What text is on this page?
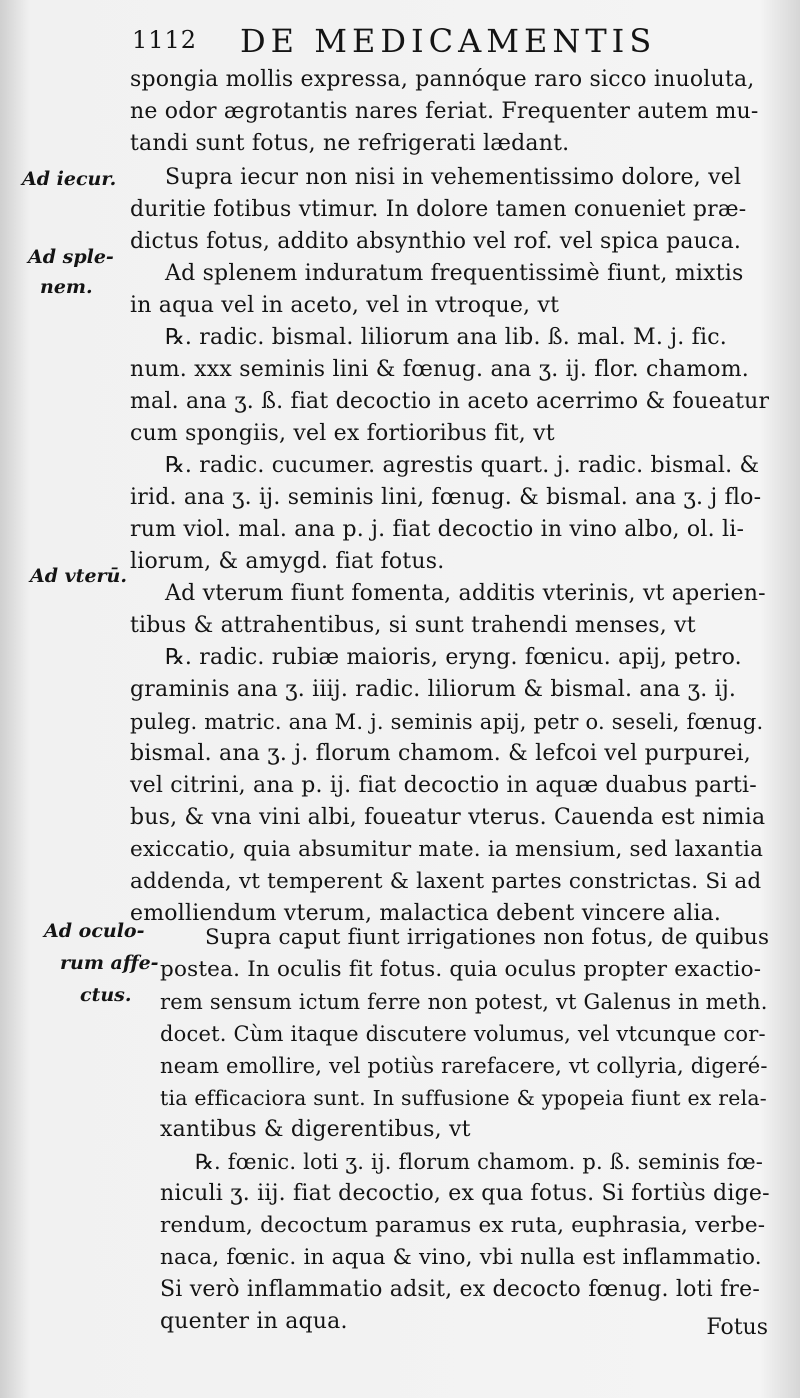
1112 DE MEDICAMENTIS
Ad iecur.
Ad sple-
nem.
Ad vterū.
Ad oculo-
rum affe-
ctus.
spongia mollis expressa, pannóque raro sicco inuoluta,
ne odor ægrotantis nares feriat. Frequenter autem mu-
tandi sunt fotus, ne refrigerati lædant.
Supra iecur non nisi in vehementissimo dolore, vel
duritie fotibus vtimur. In dolore tamen conueniet præ-
dictus fotus, addito absynthio vel rof. vel spica pauca.
Ad splenem induratum frequentissimè fiunt, mixtis
in aqua vel in aceto, vel in vtroque, vt
℞. radic. bismal. liliorum ana lib. ß. mal. M. j. fic.
num. xxx seminis lini & fœnug. ana ʒ. ij. flor. chamom.
mal. ana ʒ. ß. fiat decoctio in aceto acerrimo & foueatur
cum spongiis, vel ex fortioribus fit, vt
℞. radic. cucumer. agrestis quart. j. radic. bismal. &
irid. ana ʒ. ij. seminis lini, fœnug. & bismal. ana ʒ. j flo-
rum viol. mal. ana p. j. fiat decoctio in vino albo, ol. li-
liorum, & amygd. fiat fotus.
Ad vterum fiunt fomenta, additis vterinis, vt aperien-
tibus & attrahentibus, si sunt trahendi menses, vt
℞. radic. rubiæ maioris, eryng. fœnicu. apij, petro.
graminis ana ʒ. iiij. radic. liliorum & bismal. ana ʒ. ij.
puleg. matric. ana M. j. seminis apij, petr o. seseli, fœnug.
bismal. ana ʒ. j. florum chamom. & lefcoi vel purpurei,
vel citrini, ana p. ij. fiat decoctio in aquæ duabus parti-
bus, & vna vini albi, foueatur vterus. Cauenda est nimia
exiccatio, quia absumitur mate. ia mensium, sed laxantia
addenda, vt temperent & laxent partes constrictas. Si ad
emolliendum vterum, malactica debent vincere alia.
Supra caput fiunt irrigationes non fotus, de quibus
postea. In oculis fit fotus. quia oculus propter exactio-
rem sensum ictum ferre non potest, vt Galenus in meth.
docet. Cùm itaque discutere volumus, vel vtcunque cor-
neam emollire, vel potiùs rarefacere, vt collyria, digeré-
tia efficaciora sunt. In suffusione & ypopeia fiunt ex rela-
xantibus & digerentibus, vt
℞. fœnic. loti ʒ. ij. florum chamom. p. ß. seminis fœ-
niculi ʒ. iij. fiat decoctio, ex qua fotus. Si fortiùs dige-
rendum, decoctum paramus ex ruta, euphrasia, verbe-
naca, fœnic. in aqua & vino, vbi nulla est inflammatio.
Si verò inflammatio adsit, ex decocto fœnug. loti fre-
quenter in aqua.	Fotus
